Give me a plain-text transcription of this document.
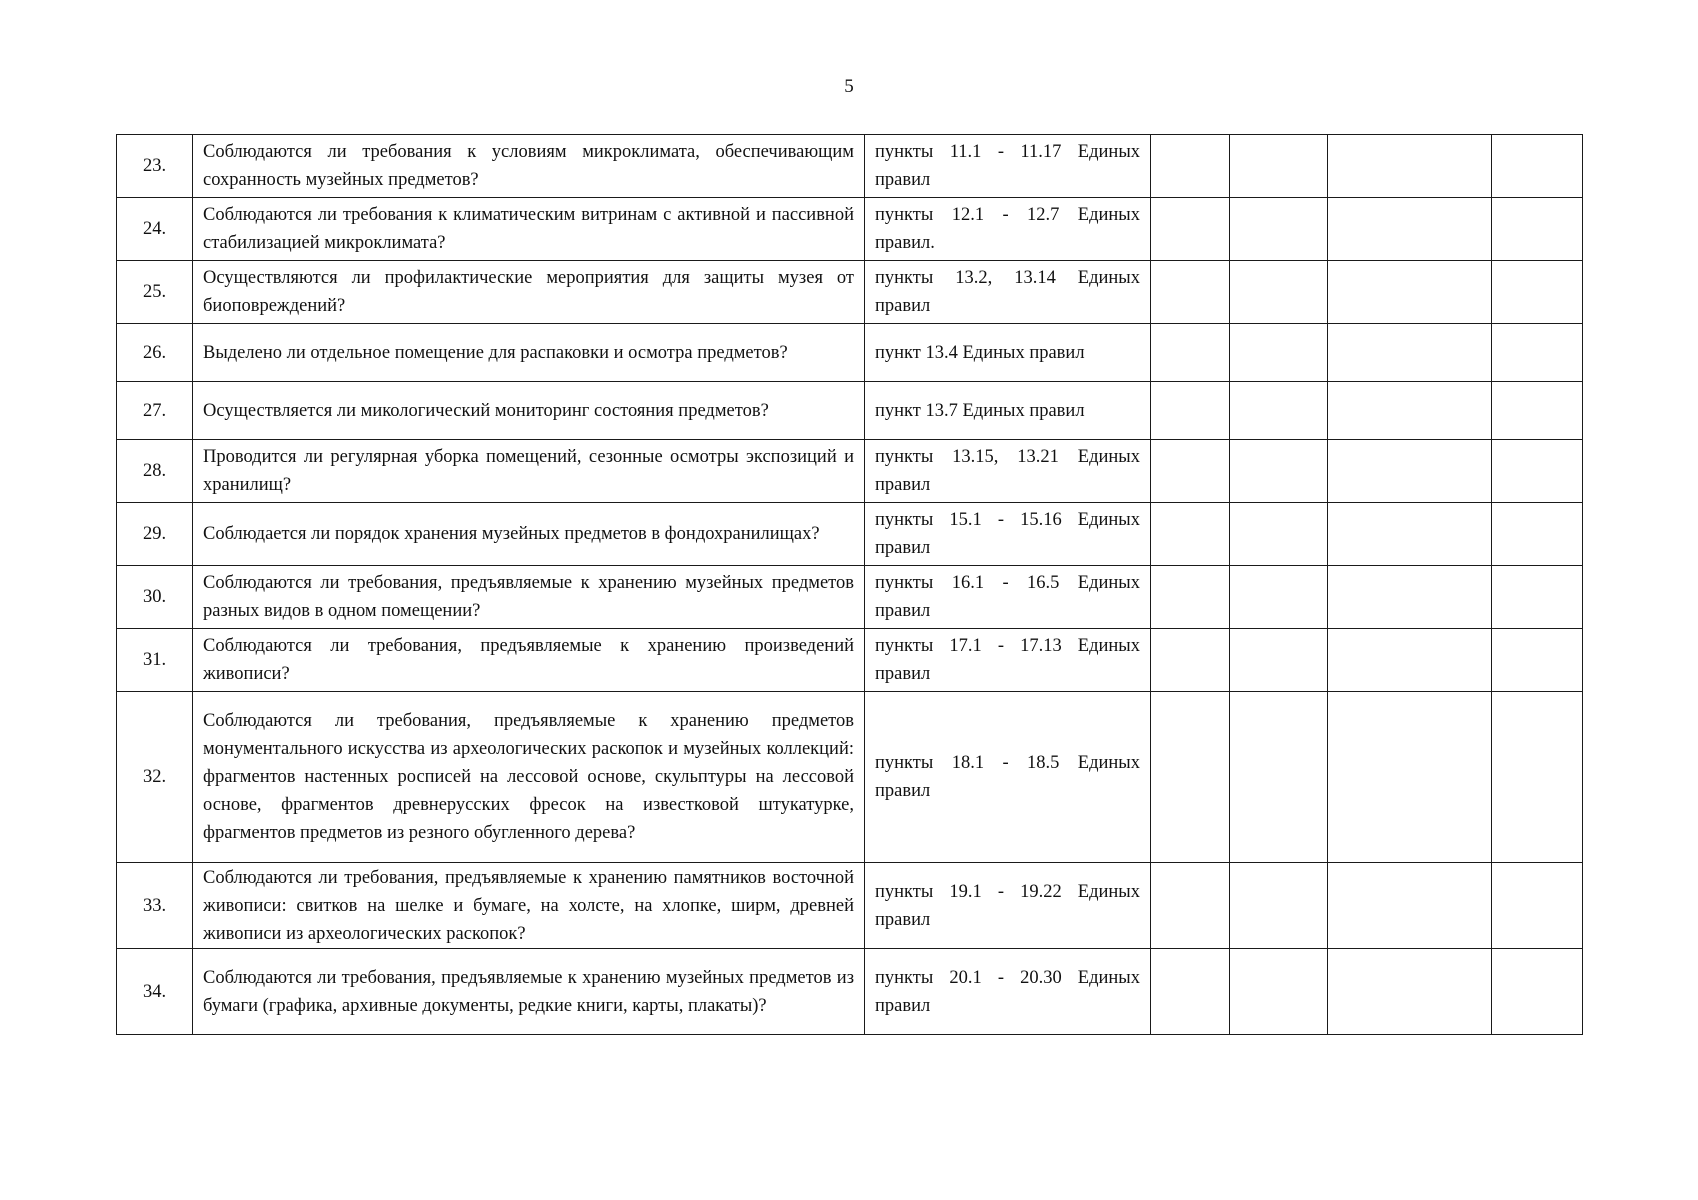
5
23.	Соблюдаются ли требования к условиям микроклимата, обеспечивающим сохранность музейных предметов?	пункты 11.1 - 11.17 Единых правил				
24.	Соблюдаются ли требования к климатическим витринам с активной и пассивной стабилизацией микроклимата?	пункты 12.1 - 12.7 Единых правил.				
25.	Осуществляются ли профилактические мероприятия для защиты музея от биоповреждений?	пункты 13.2, 13.14 Единых правил				
26.	Выделено ли отдельное помещение для распаковки и осмотра предметов?	пункт 13.4 Единых правил				
27.	Осуществляется ли микологический мониторинг состояния предметов?	пункт 13.7 Единых правил				
28.	Проводится ли регулярная уборка помещений, сезонные осмотры экспозиций и хранилищ?	пункты 13.15, 13.21 Единых правил				
29.	Соблюдается ли порядок хранения музейных предметов в фондохранилищах?	пункты 15.1 - 15.16 Единых правил				
30.	Соблюдаются ли требования, предъявляемые к хранению музейных предметов разных видов в одном помещении?	пункты 16.1 - 16.5 Единых правил				
31.	Соблюдаются ли требования, предъявляемые к хранению произведений живописи?	пункты 17.1 - 17.13 Единых правил				
32.	Соблюдаются ли требования, предъявляемые к хранению предметов монументального искусства из археологических раскопок и музейных коллекций: фрагментов настенных росписей на лессовой основе, скульптуры на лессовой основе, фрагментов древнерусских фресок на известковой штукатурке, фрагментов предметов из резного обугленного дерева?	пункты 18.1 - 18.5 Единых правил				
33.	Соблюдаются ли требования, предъявляемые к хранению памятников восточной живописи: свитков на шелке и бумаге, на холсте, на хлопке, ширм, древней живописи из археологических раскопок?	пункты 19.1 - 19.22 Единых правил				
34.	Соблюдаются ли требования, предъявляемые к хранению музейных предметов из бумаги (графика, архивные документы, редкие книги, карты, плакаты)?	пункты 20.1 - 20.30 Единых правил				
